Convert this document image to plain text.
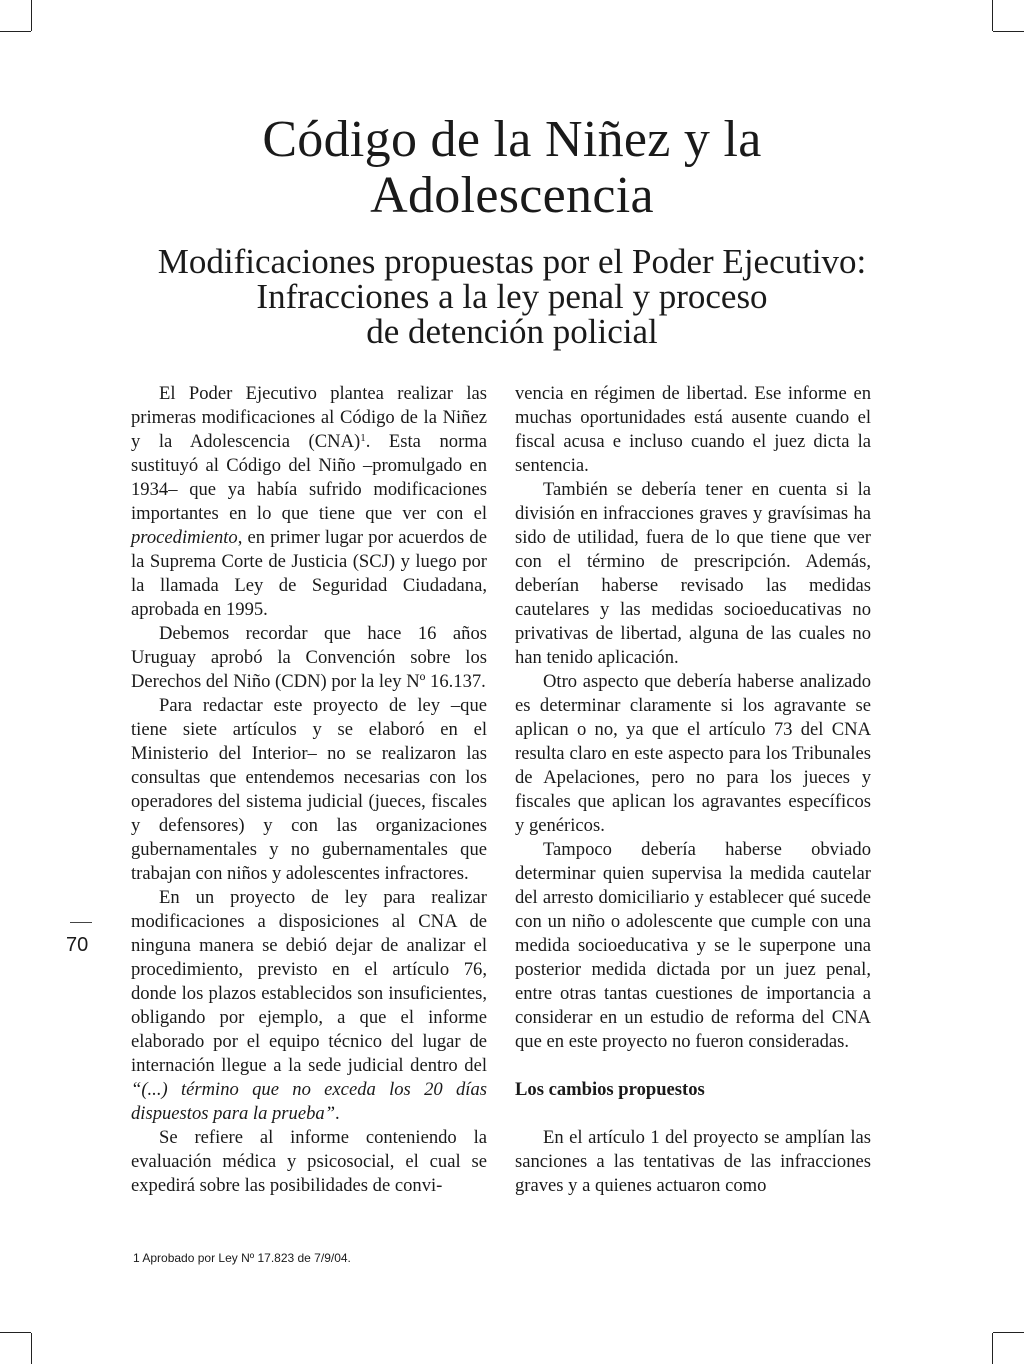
Código de la Niñez y la
Adolescencia
Modificaciones propuestas por el Poder Ejecutivo:
Infracciones a la ley penal y proceso
de detención policial

El Poder Ejecutivo plantea realizar las primeras modificaciones al Código de la Niñez y la Adolescencia (CNA)$^1$. Esta norma sustituyó al Código del Niño –promulgado en 1934– que ya había sufrido modificaciones importantes en lo que tiene que ver con el procedimiento, en primer lugar por acuerdos de la Suprema Corte de Justicia (SCJ) y luego por la llamada Ley de Seguridad Ciudadana, aprobada en 1995.

Debemos recordar que hace 16 años Uruguay aprobó la Convención sobre los Derechos del Niño (CDN) por la ley Nº 16.137.

Para redactar este proyecto de ley –que tiene siete artículos y se elaboró en el Ministerio del Interior– no se realizaron las consultas que entendemos necesarias con los operadores del sistema judicial (jueces, fiscales y defensores) y con las organizaciones gubernamentales y no gubernamentales que trabajan con niños y adolescentes infractores.

En un proyecto de ley para realizar modificaciones a disposiciones al CNA de ninguna manera se debió dejar de analizar el procedimiento, previsto en el artículo 76, donde los plazos establecidos son insuficientes, obligando por ejemplo, a que el informe elaborado por el equipo técnico del lugar de internación llegue a la sede judicial dentro del “(...) término que no exceda los 20 días dispuestos para la prueba”.

Se refiere al informe conteniendo la evaluación médica y psicosocial, el cual se expedirá sobre las posibilidades de convi-

vencia en régimen de libertad. Ese informe en muchas oportunidades está ausente cuando el fiscal acusa e incluso cuando el juez dicta la sentencia.

También se debería tener en cuenta si la división en infracciones graves y gravísimas ha sido de utilidad, fuera de lo que tiene que ver con el término de prescripción. Además, deberían haberse revisado las medidas cautelares y las medidas socioeducativas no privativas de libertad, alguna de las cuales no han tenido aplicación.

Otro aspecto que debería haberse analizado es determinar claramente si los agravante se aplican o no, ya que el artículo 73 del CNA resulta claro en este aspecto para los Tribunales de Apelaciones, pero no para los jueces y fiscales que aplican los agravantes específicos y genéricos.

Tampoco debería haberse obviado determinar quien supervisa la medida cautelar del arresto domiciliario y establecer qué sucede con un niño o adolescente que cumple con una medida socioeducativa y se le superpone una posterior medida dictada por un juez penal, entre otras tantas cuestiones de importancia a considerar en un estudio de reforma del CNA que en este proyecto no fueron consideradas.

Los cambios propuestos

En el artículo 1 del proyecto se amplían las sanciones a las tentativas de las infracciones graves y a quienes actuaron como

70
1 Aprobado por Ley Nº 17.823 de 7/9/04.
